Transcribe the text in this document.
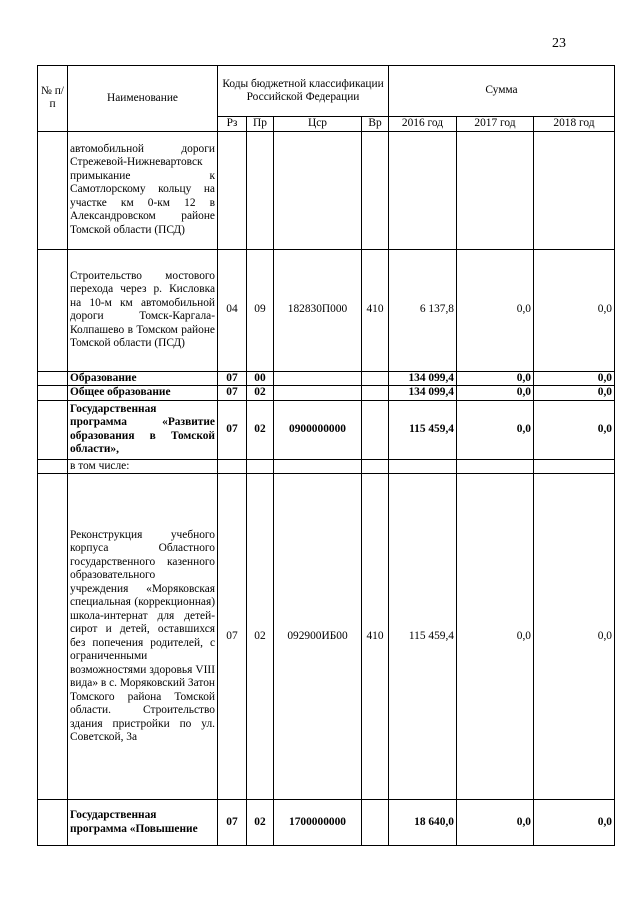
23
№ п/п	Наименование	Коды бюджетной классификации Российской Федерации				Сумма		
		Рз	Пр	Цср	Вр	2016 год	2017 год	2018 год
	автомобильной дороги Стрежевой-Нижневартовск примыкание к Самотлорскому кольцу на участке км 0-км 12 в Александровском районе Томской области (ПСД)							
	Строительство мостового перехода через р. Кисловка на 10-м км автомобильной дороги Томск-Каргала-Колпашево в Томском районе Томской области (ПСД)	04	09	182830П000	410	6 137,8	0,0	0,0
	Образование	07	00			134 099,4	0,0	0,0
	Общее образование	07	02			134 099,4	0,0	0,0
	Государственная программа «Развитие образования в Томской области»,	07	02	0900000000		115 459,4	0,0	0,0
	в том числе:							
	Реконструкция учебного корпуса Областного государственного казенного образовательного учреждения «Моряковская специальная (коррекционная) школа-интернат для детей-сирот и детей, оставшихся без попечения родителей, с ограниченными возможностями здоровья VIII вида» в с. Моряковский Затон Томского района Томской области. Строительство здания пристройки по ул. Советской, 3а	07	02	092900ИБ00	410	115 459,4	0,0	0,0
	Государственная программа «Повышение	07	02	1700000000		18 640,0	0,0	0,0
